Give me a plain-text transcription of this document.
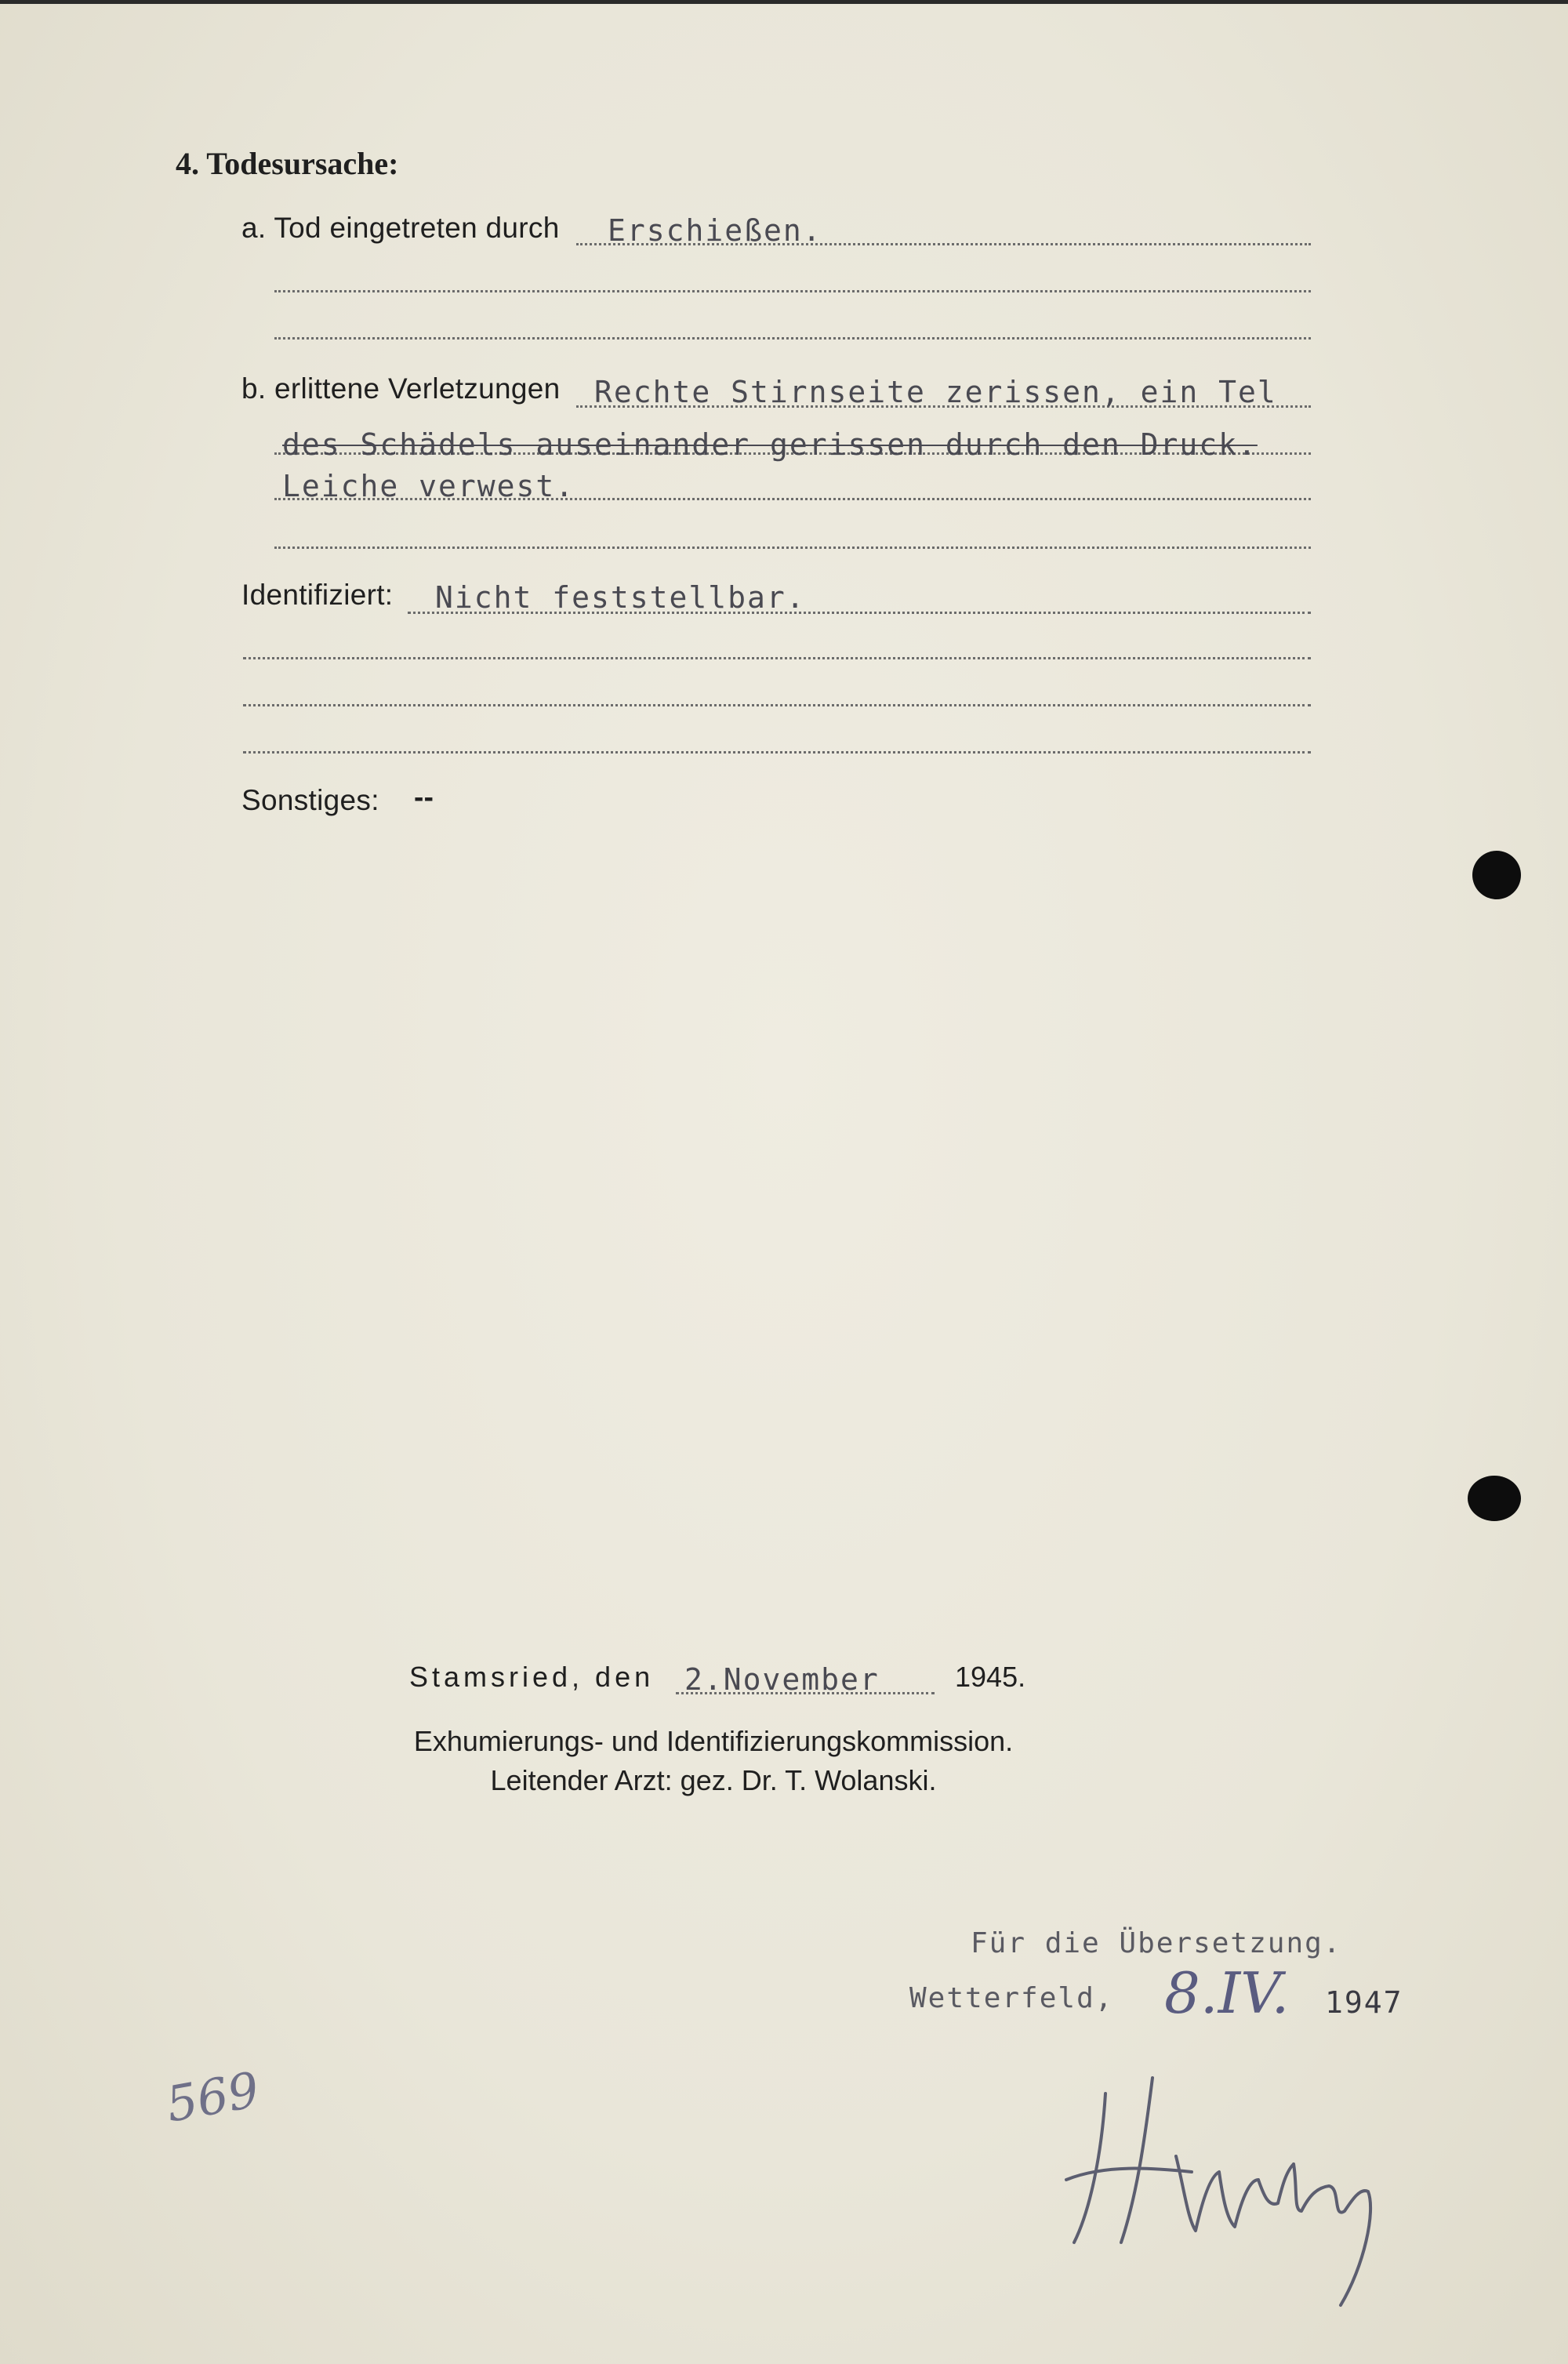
4. Todesursache:
a. Tod eingetreten durch Erschießen.
b. erlittene Verletzungen Rechte Stirnseite zerissen, ein Tel
des Schädels auseinander gerissen durch den Druck.
Leiche verwest.
Identifiziert: Nicht feststellbar.
Sonstiges: --
Stamsried, den 2.November	1945.
Exhumierungs- und Identifizierungskommission.
Leitender Arzt: gez. Dr. T. Wolanski.
Für die Übersetzung.
Wetterfeld, 8.IV. 1947
569
